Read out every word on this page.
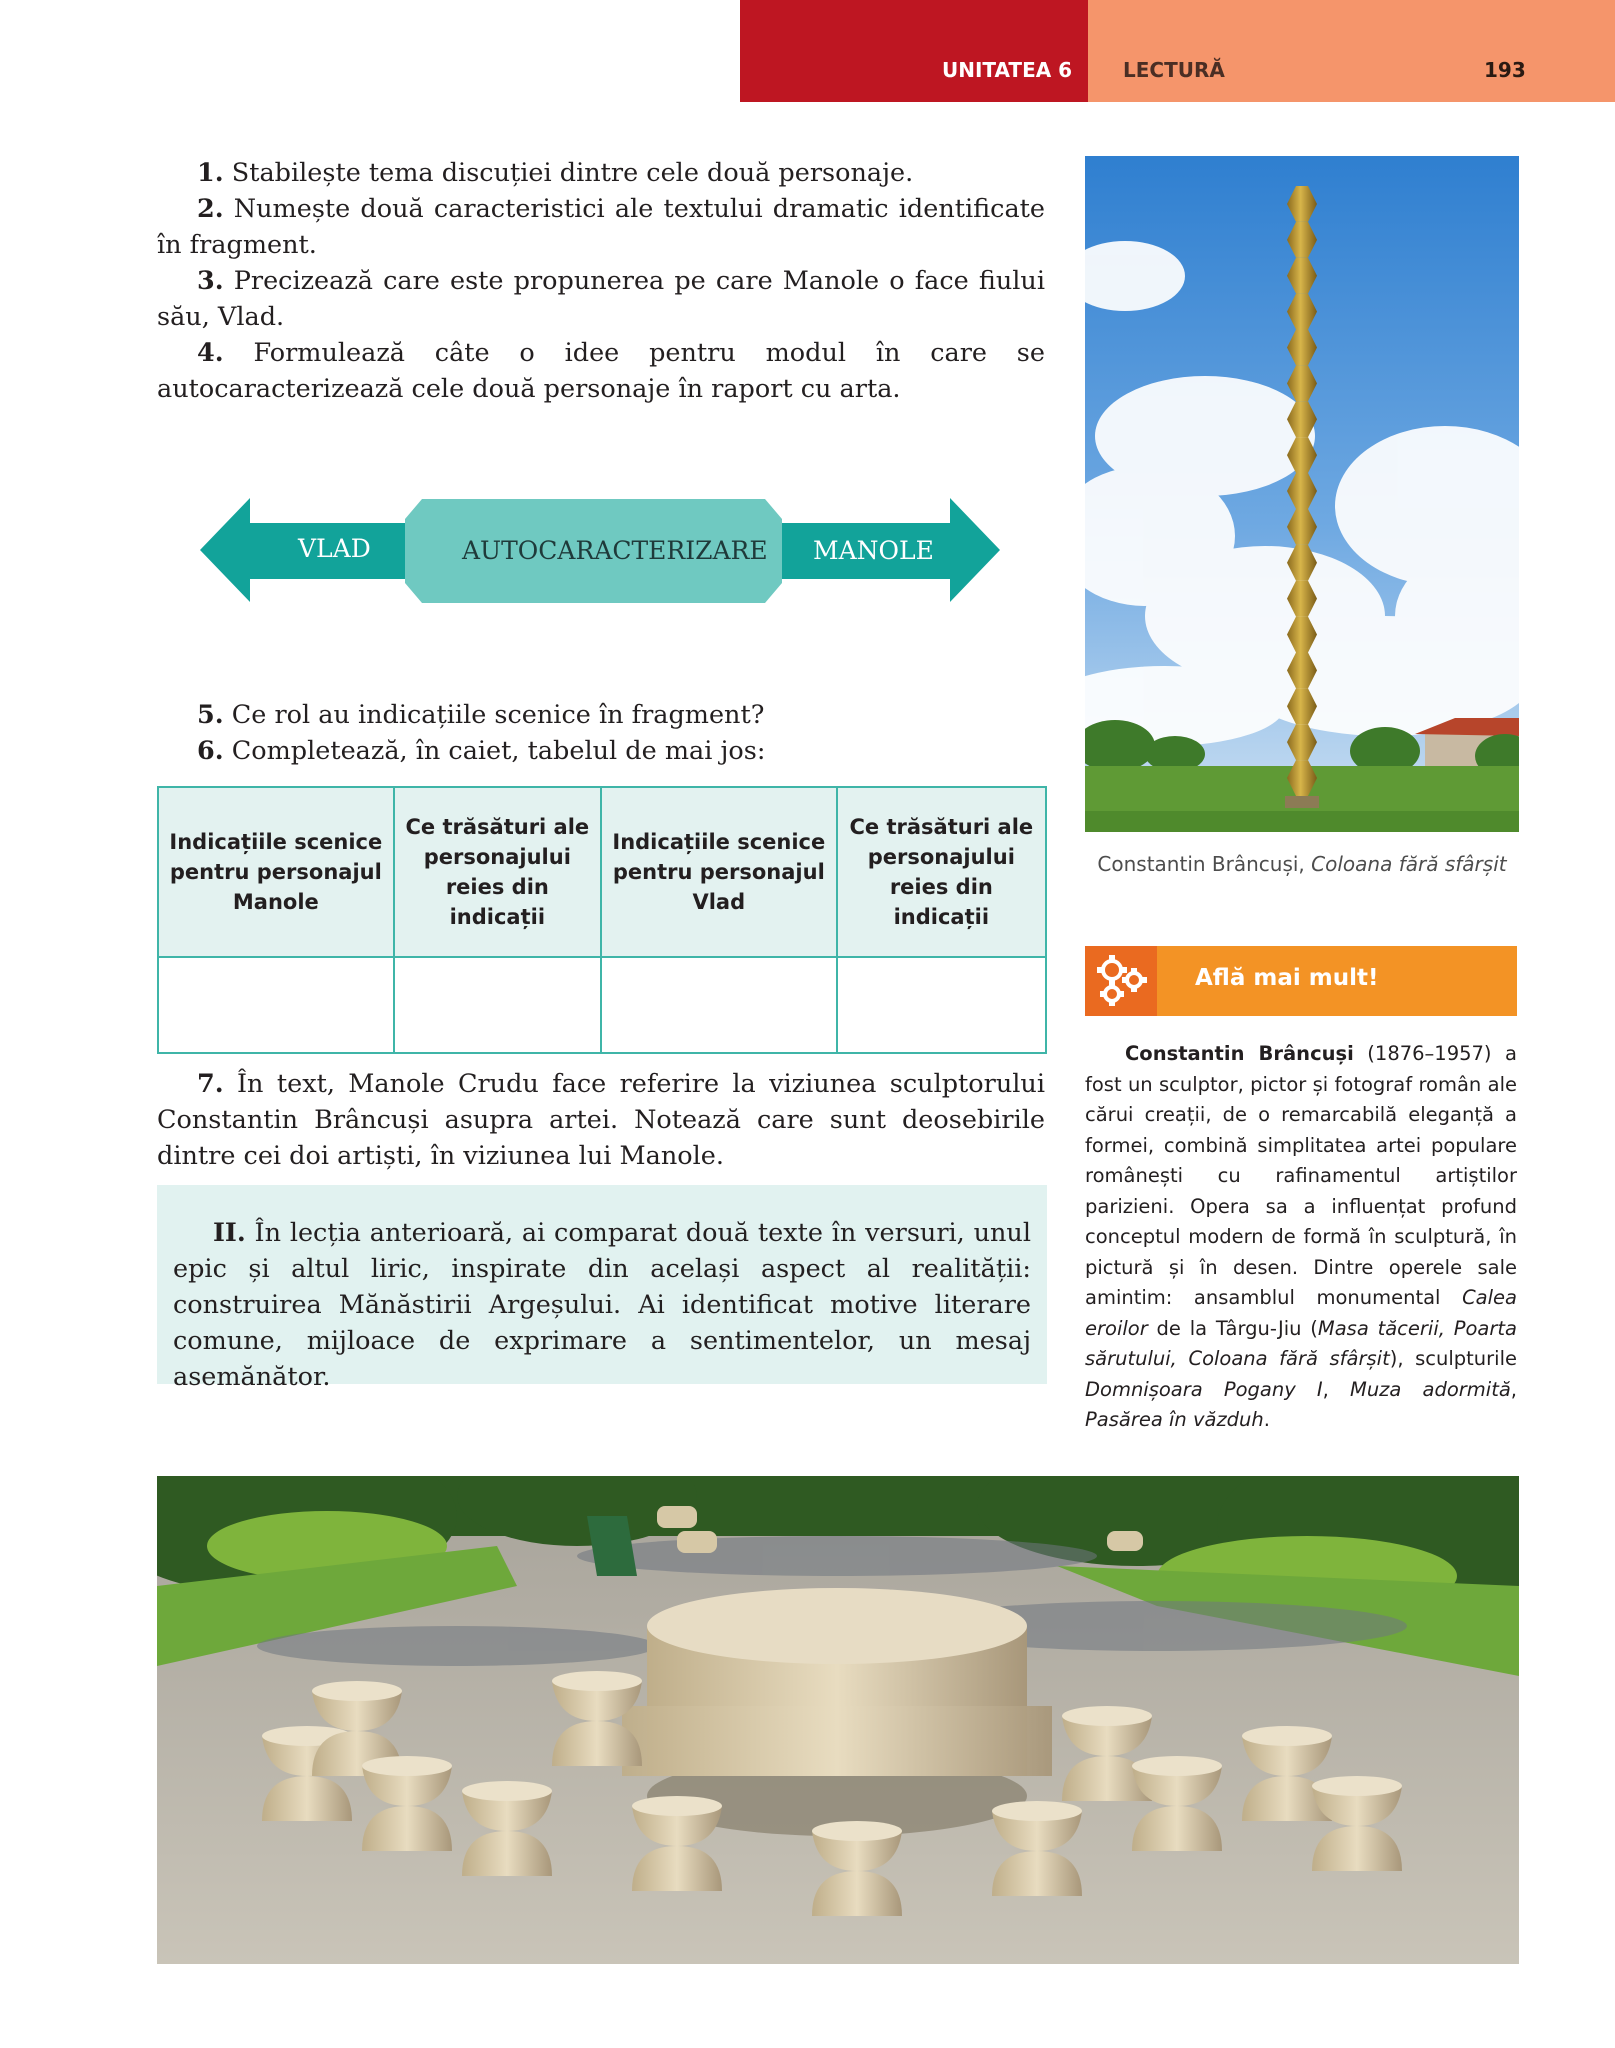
UNITATEA 6	LECTURĂ	193

1. Stabilește tema discuției dintre cele două personaje.

2. Numește două caracteristici ale textului dramatic identificate în fragment.

3. Precizează care este propunerea pe care Manole o face fiului său, Vlad.

4. Formulează câte o idee pentru modul în care se autocaracterizează cele două personaje în raport cu arta.

VLAD	AUTOCARACTERIZARE MANOLE

5. Ce rol au indicațiile scenice în fragment?

6. Completează, în caiet, tabelul de mai jos:

Indicațiile scenice pentru personajul Manole	Ce trăsături ale personajului reies din indicații	Indicațiile scenice pentru personajul Vlad	Ce trăsături ale personajului reies din indicații

7. În text, Manole Crudu face referire la viziunea sculptorului Constantin Brâncuși asupra artei. Notează care sunt deosebirile dintre cei doi artiști, în viziunea lui Manole.

II. În lecția anterioară, ai comparat două texte în versuri, unul epic și altul liric, inspirate din același aspect al realității: construirea Mănăstirii Argeșului. Ai identificat motive literare comune, mijloace de exprimare a sentimentelor, un mesaj asemănător.

Constantin Brâncuși, Coloana fără sfârșit
Află mai mult!

Constantin Brâncuși (1876–1957) a fost un sculptor, pictor și fotograf român ale cărui creații, de o remarcabilă eleganță a formei, combină simplitatea artei populare românești cu rafinamentul artiștilor parizieni. Opera sa a influențat profund conceptul modern de formă în sculptură, în pictură și în desen. Dintre operele sale amintim: ansamblul monumental Calea eroilor de la Târgu-Jiu (Masa tăcerii, Poarta sărutului, Coloana fără sfârșit), sculpturile Domnișoara Pogany I, Muza adormită, Pasărea în văzduh.
